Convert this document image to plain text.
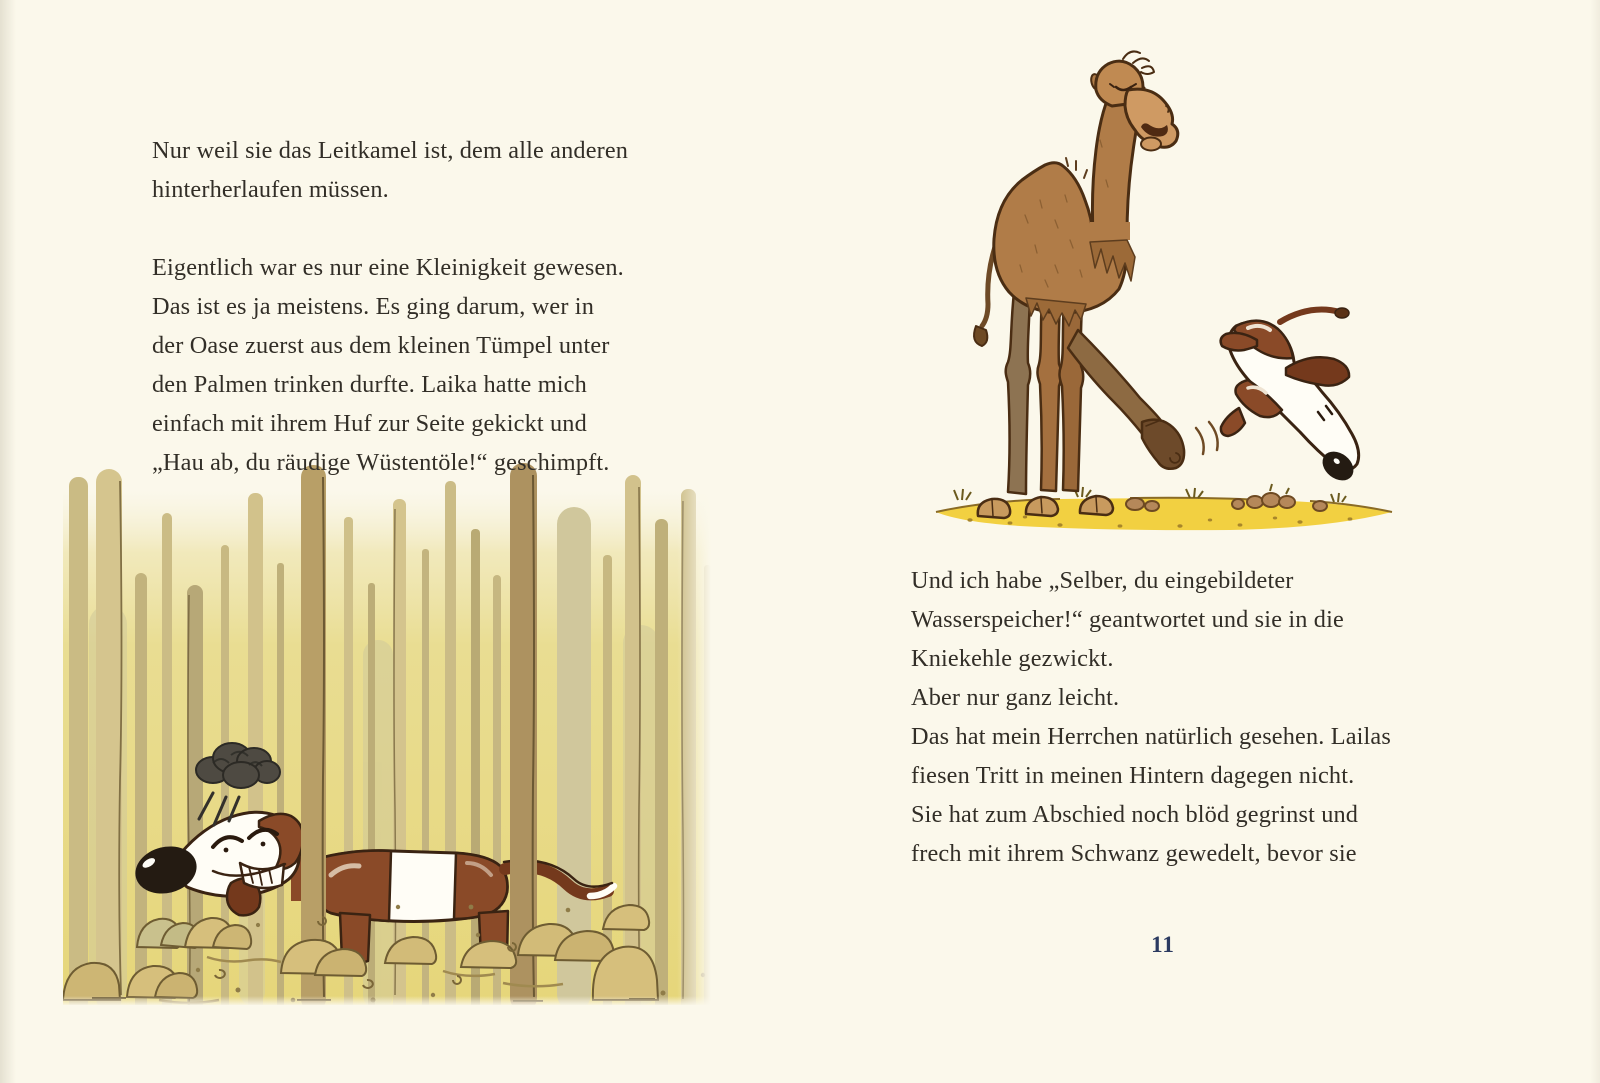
Nur weil sie das Leitkamel ist, dem alle anderen
hinterherlaufen müssen.
Eigentlich war es nur eine Kleinigkeit gewesen.
Das ist es ja meistens. Es ging darum, wer in
der Oase zuerst aus dem kleinen Tümpel unter
den Palmen trinken durfte. Laika hatte mich
einfach mit ihrem Huf zur Seite gekickt und
„Hau ab, du räudige Wüstentöle!“ geschimpft.
Und ich habe „Selber, du eingebildeter
Wasserspeicher!“ geantwortet und sie in die
Kniekehle gezwickt.
Aber nur ganz leicht.
Das hat mein Herrchen natürlich gesehen. Lailas
fiesen Tritt in meinen Hintern dagegen nicht.
Sie hat zum Abschied noch blöd gegrinst und
frech mit ihrem Schwanz gewedelt, bevor sie
11
